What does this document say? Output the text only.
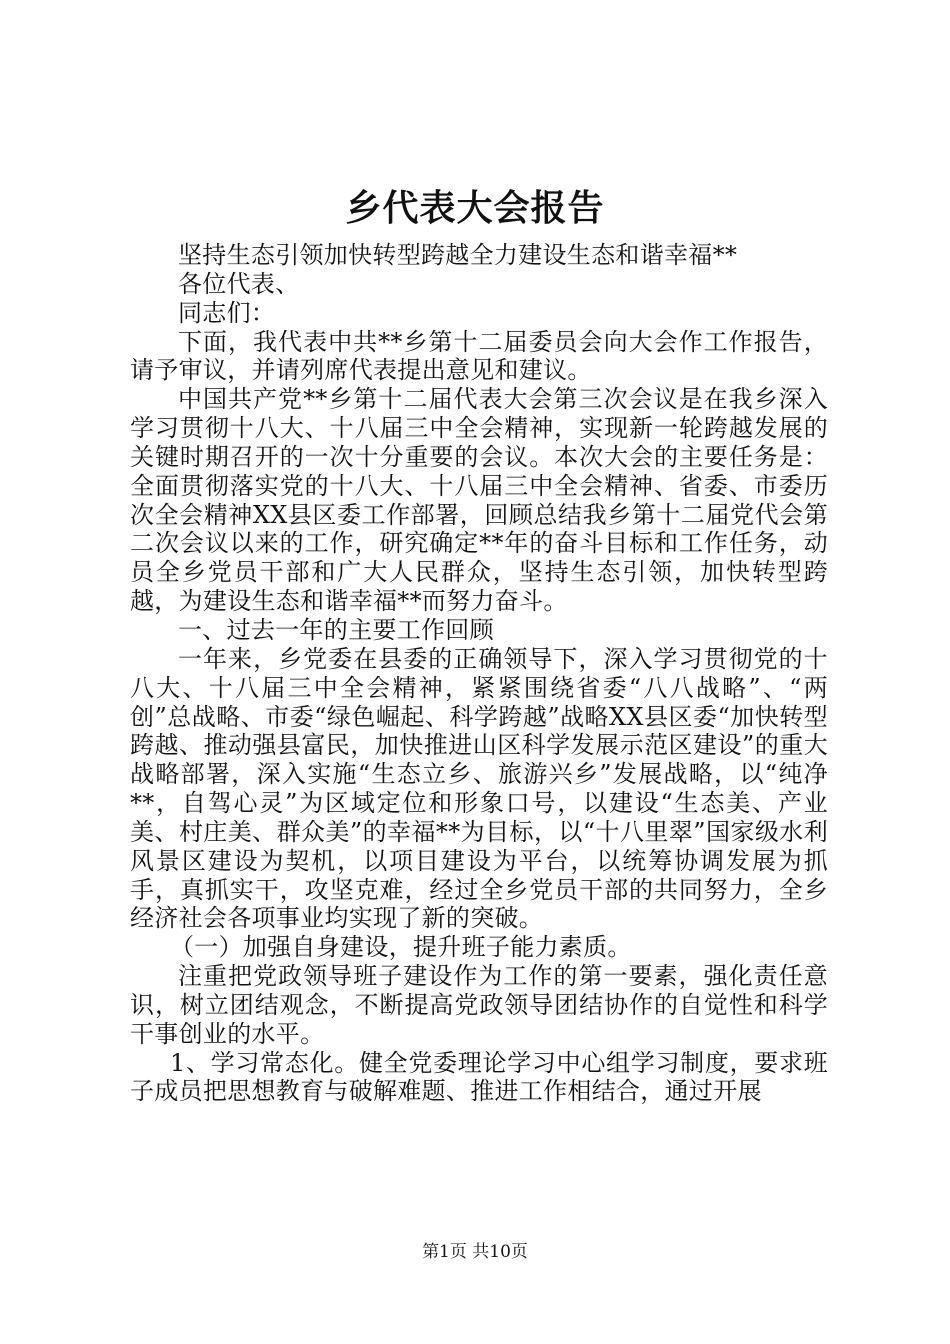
乡代表大会报告

坚持生态引领加快转型跨越全力建设生态和谐幸福**

各位代表、

同志们：

下面，我代表中共**乡第十二届委员会向大会作工作报告，请予审议，并请列席代表提出意见和建议。

中国共产党**乡第十二届代表大会第三次会议是在我乡深入学习贯彻十八大、十八届三中全会精神，实现新一轮跨越发展的关键时期召开的一次十分重要的会议。本次大会的主要任务是：全面贯彻落实党的十八大、十八届三中全会精神、省委、市委历次全会精神XX县区委工作部署，回顾总结我乡第十二届党代会第二次会议以来的工作，研究确定**年的奋斗目标和工作任务，动员全乡党员干部和广大人民群众，坚持生态引领，加快转型跨越，为建设生态和谐幸福**而努力奋斗。

一、过去一年的主要工作回顾

一年来，乡党委在县委的正确领导下，深入学习贯彻党的十八大、十八届三中全会精神，紧紧围绕省委“八八战略”、“两创”总战略、市委“绿色崛起、科学跨越”战略XX县区委“加快转型跨越、推动强县富民，加快推进山区科学发展示范区建设”的重大战略部署，深入实施“生态立乡、旅游兴乡”发展战略，以“纯净**，自驾心灵”为区域定位和形象口号，以建设“生态美、产业美、村庄美、群众美”的幸福**为目标，以“十八里翠”国家级水利风景区建设为契机，以项目建设为平台，以统筹协调发展为抓手，真抓实干，攻坚克难，经过全乡党员干部的共同努力，全乡经济社会各项事业均实现了新的突破。

（一）加强自身建设，提升班子能力素质。

注重把党政领导班子建设作为工作的第一要素，强化责任意识，树立团结观念，不断提高党政领导团结协作的自觉性和科学干事创业的水平。

1、学习常态化。健全党委理论学习中心组学习制度，要求班子成员把思想教育与破解难题、推进工作相结合，通过开展

第1页 共10页
